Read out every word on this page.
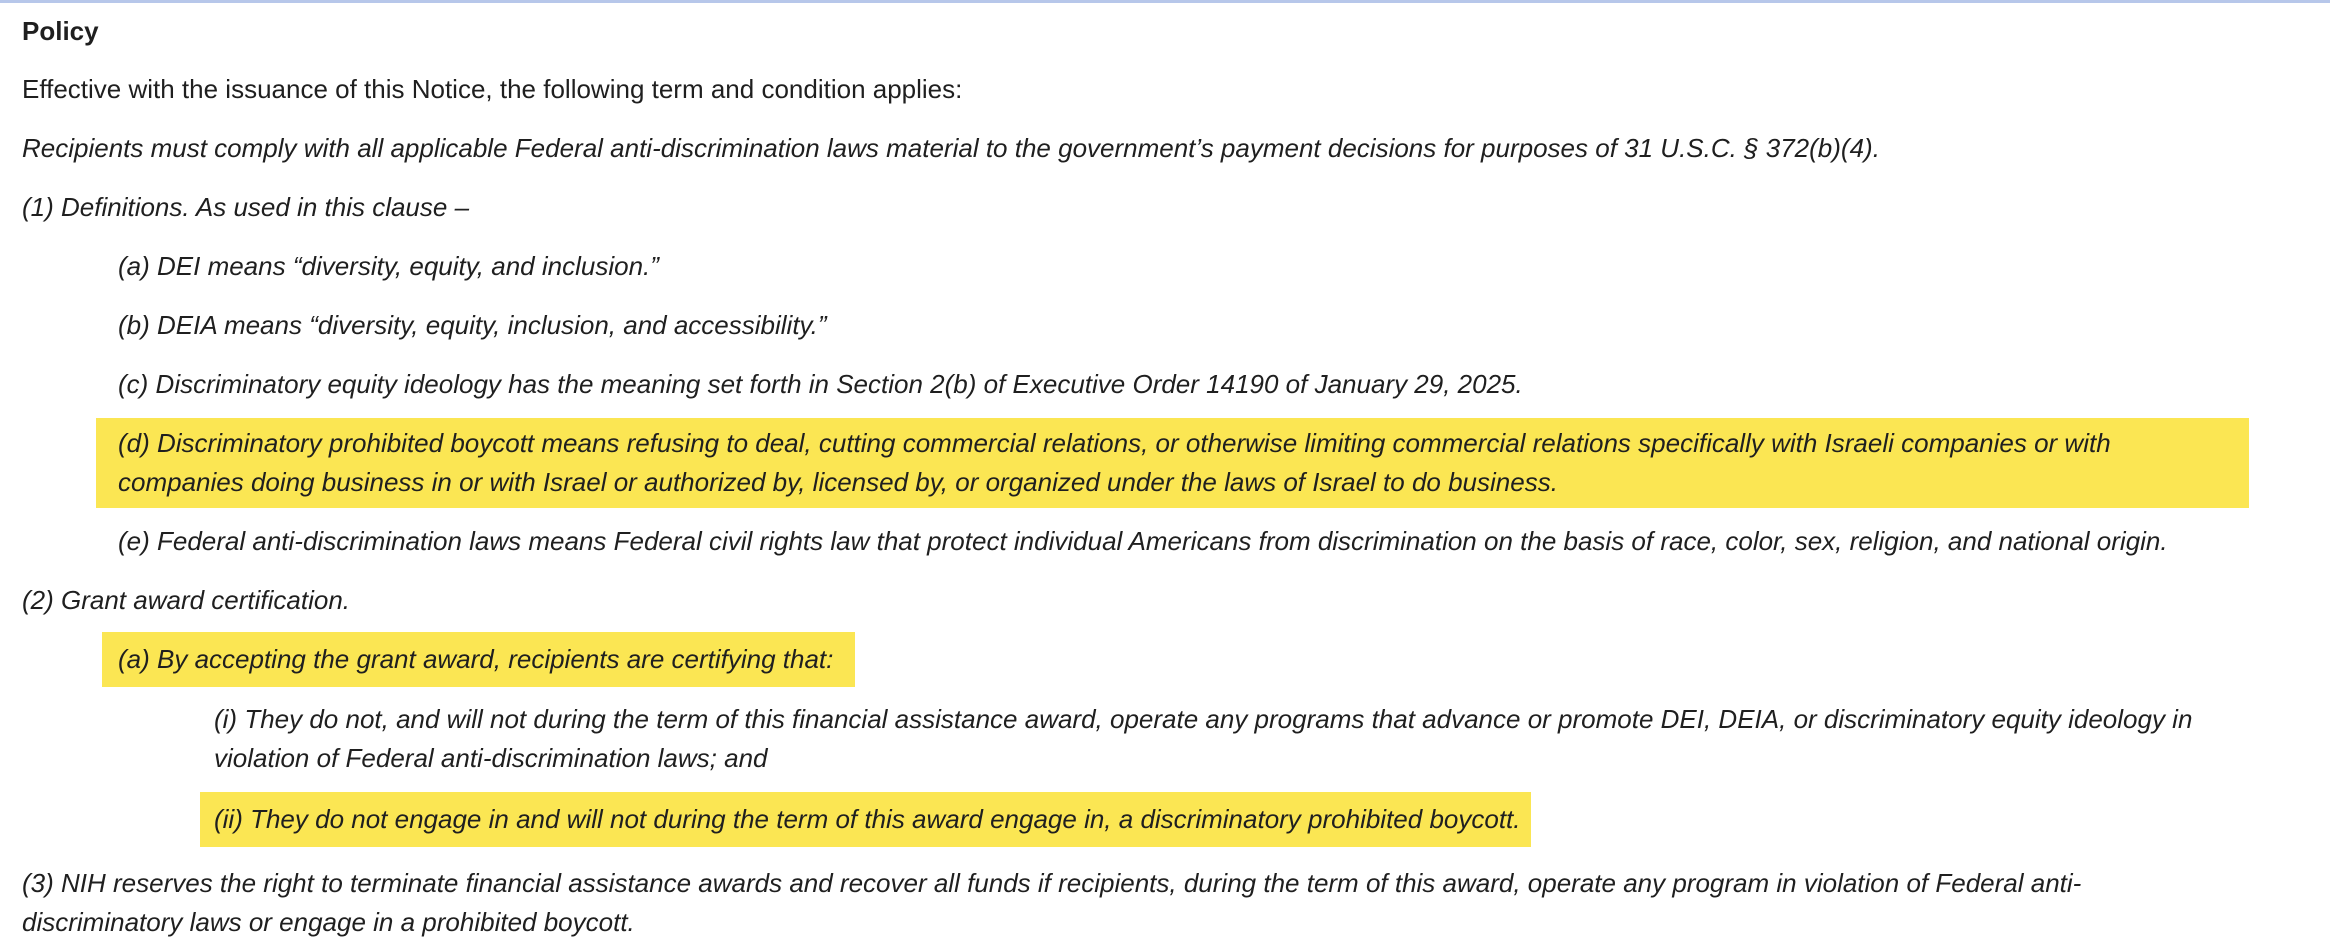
Policy
Effective with the issuance of this Notice, the following term and condition applies:
Recipients must comply with all applicable Federal anti-discrimination laws material to the government’s payment decisions for purposes of 31 U.S.C. § 372(b)(4).
(1) Definitions. As used in this clause –
(a) DEI means “diversity, equity, and inclusion.”
(b) DEIA means “diversity, equity, inclusion, and accessibility.”
(c) Discriminatory equity ideology has the meaning set forth in Section 2(b) of Executive Order 14190 of January 29, 2025.
(d) Discriminatory prohibited boycott means refusing to deal, cutting commercial relations, or otherwise limiting commercial relations specifically with Israeli companies or with
companies doing business in or with Israel or authorized by, licensed by, or organized under the laws of Israel to do business.
(e) Federal anti-discrimination laws means Federal civil rights law that protect individual Americans from discrimination on the basis of race, color, sex, religion, and national origin.
(2) Grant award certification.
(a) By accepting the grant award, recipients are certifying that:
(i) They do not, and will not during the term of this financial assistance award, operate any programs that advance or promote DEI, DEIA, or discriminatory equity ideology in
violation of Federal anti-discrimination laws; and
(ii) They do not engage in and will not during the term of this award engage in, a discriminatory prohibited boycott.
(3) NIH reserves the right to terminate financial assistance awards and recover all funds if recipients, during the term of this award, operate any program in violation of Federal anti-
discriminatory laws or engage in a prohibited boycott.
